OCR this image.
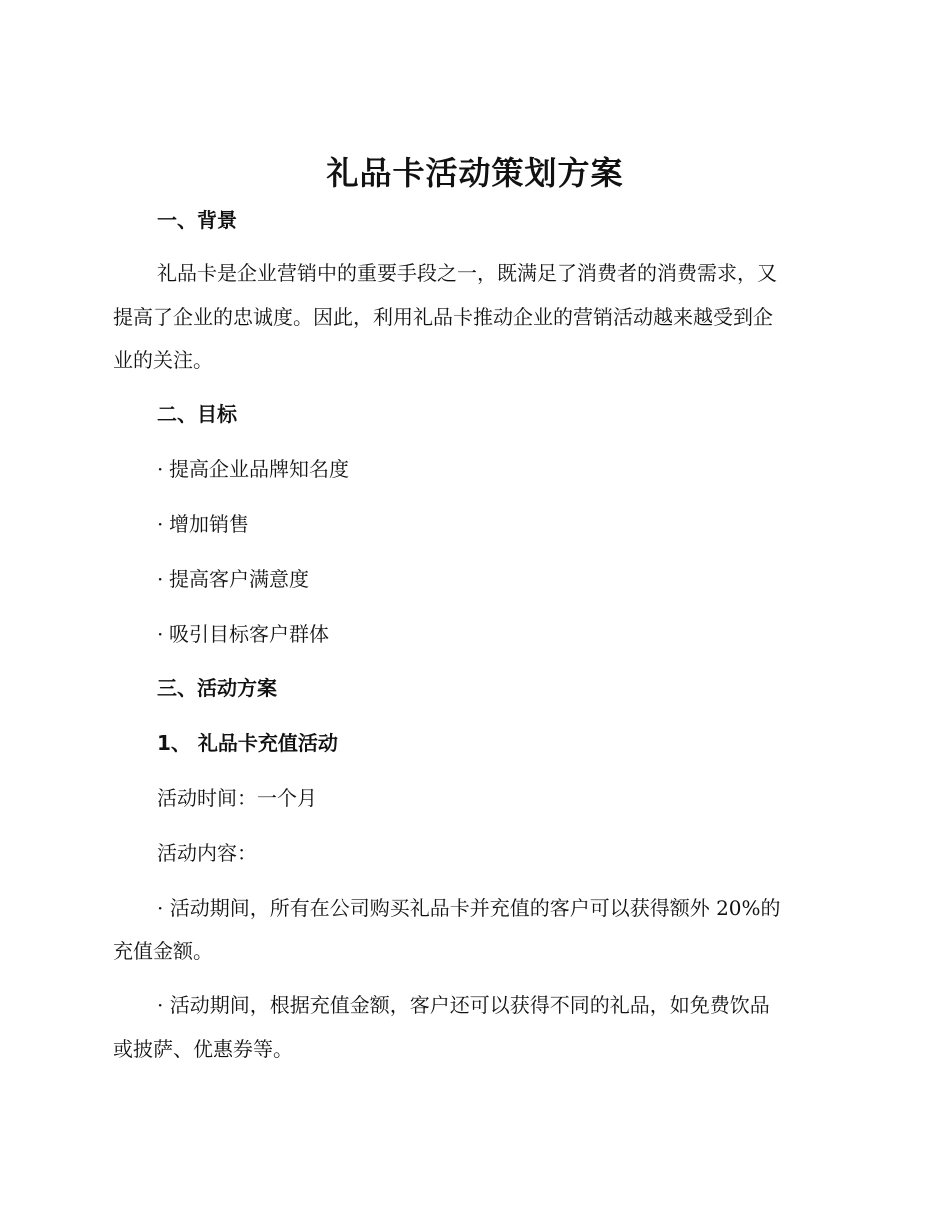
礼品卡活动策划方案
一、背景
礼品卡是企业营销中的重要手段之一，既满足了消费者的消费需求，又
提高了企业的忠诚度。因此，利用礼品卡推动企业的营销活动越来越受到企
业的关注。
二、目标
· 提高企业品牌知名度
· 增加销售
· 提高客户满意度
· 吸引目标客户群体
三、活动方案
1、 礼品卡充值活动
活动时间：一个月
活动内容：
· 活动期间，所有在公司购买礼品卡并充值的客户可以获得额外 20%的
充值金额。
· 活动期间，根据充值金额，客户还可以获得不同的礼品，如免费饮品
或披萨、优惠券等。
